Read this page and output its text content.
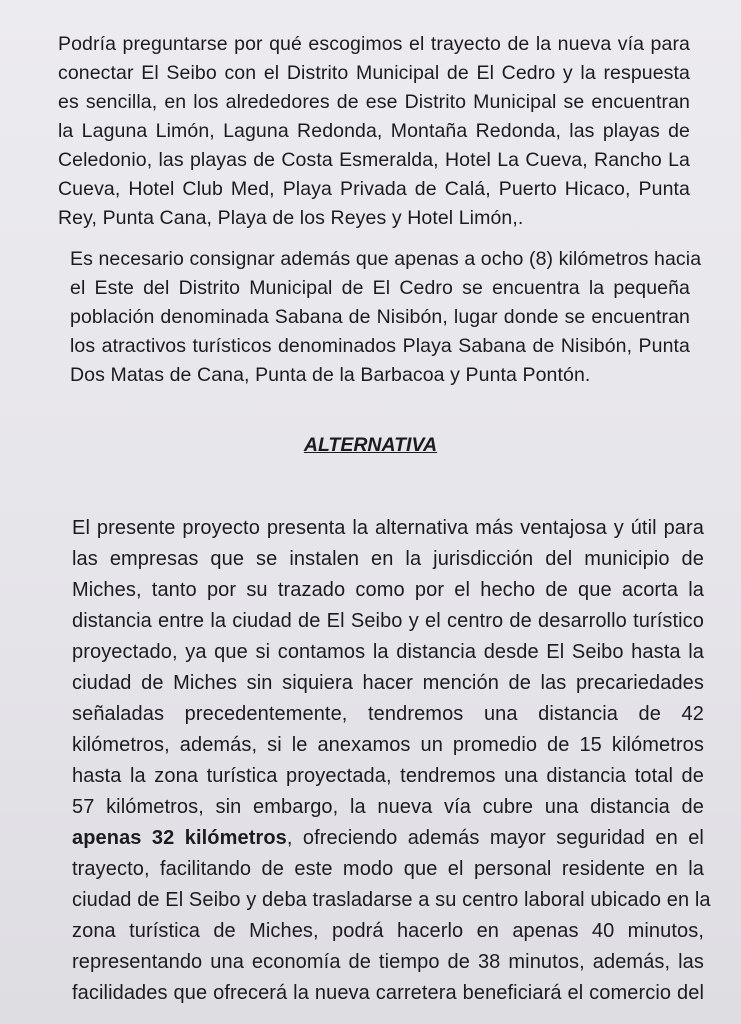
Podría preguntarse por qué escogimos el trayecto de la nueva vía para
conectar El Seibo con el Distrito Municipal de El Cedro y la respuesta
es sencilla, en los alrededores de ese Distrito Municipal se encuentran
la Laguna Limón, Laguna Redonda, Montaña Redonda, las playas de
Celedonio, las playas de Costa Esmeralda, Hotel La Cueva, Rancho La
Cueva, Hotel Club Med, Playa Privada de Calá, Puerto Hicaco, Punta
Rey, Punta Cana, Playa de los Reyes y Hotel Limón,.
Es necesario consignar además que apenas a ocho (8) kilómetros hacia
el Este del Distrito Municipal de El Cedro se encuentra la pequeña
población denominada Sabana de Nisibón, lugar donde se encuentran
los atractivos turísticos denominados Playa Sabana de Nisibón, Punta
Dos Matas de Cana, Punta de la Barbacoa y Punta Pontón.
ALTERNATIVA
El presente proyecto presenta la alternativa más ventajosa y útil para
las empresas que se instalen en la jurisdicción del municipio de
Miches, tanto por su trazado como por el hecho de que acorta la
distancia entre la ciudad de El Seibo y el centro de desarrollo turístico
proyectado, ya que si contamos la distancia desde El Seibo hasta la
ciudad de Miches sin siquiera hacer mención de las precariedades
señaladas precedentemente, tendremos una distancia de 42
kilómetros, además, si le anexamos un promedio de 15 kilómetros
hasta la zona turística proyectada, tendremos una distancia total de
57 kilómetros, sin embargo, la nueva vía cubre una distancia de
apenas 32 kilómetros, ofreciendo además mayor seguridad en el
trayecto, facilitando de este modo que el personal residente en la
ciudad de El Seibo y deba trasladarse a su centro laboral ubicado en la
zona turística de Miches, podrá hacerlo en apenas 40 minutos,
representando una economía de tiempo de 38 minutos, además, las
facilidades que ofrecerá la nueva carretera beneficiará el comercio del
